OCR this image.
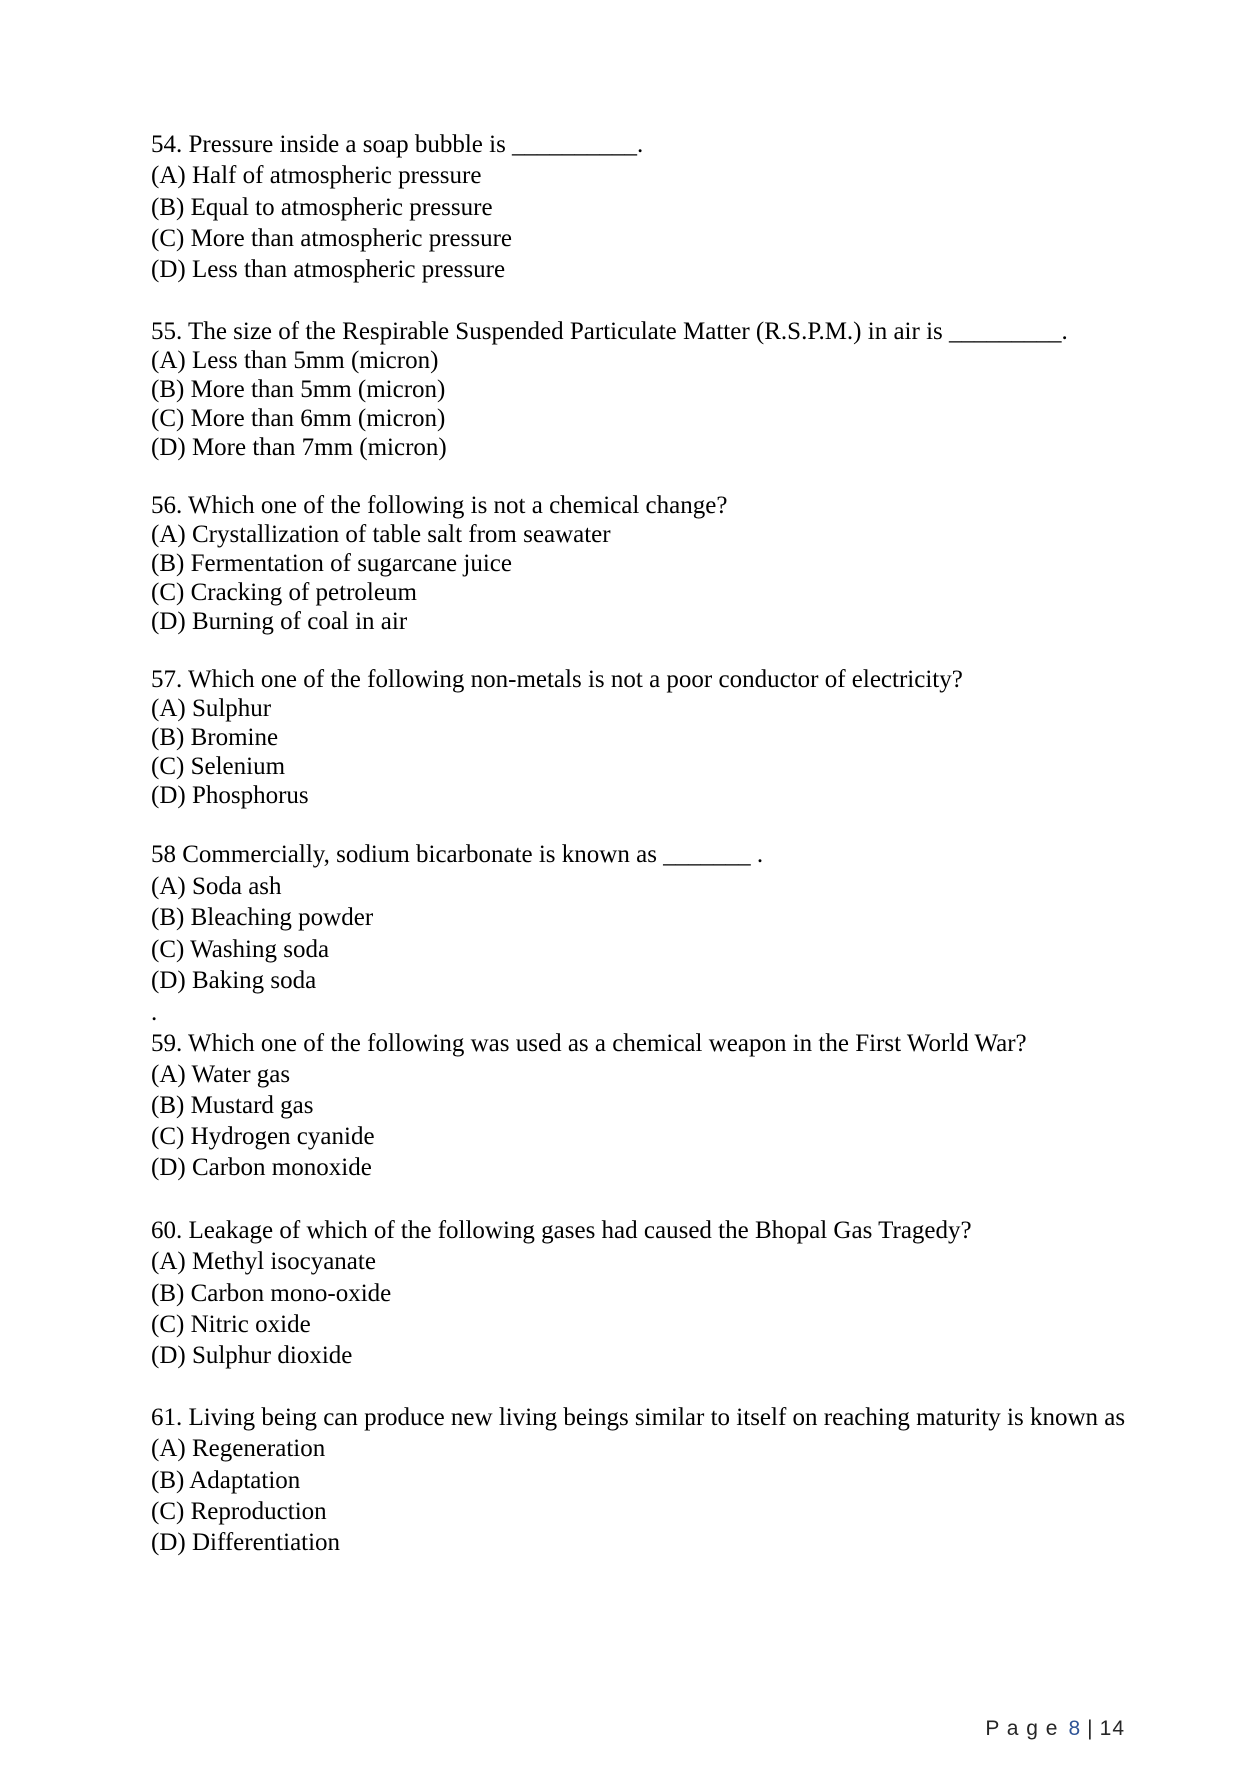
54. Pressure inside a soap bubble is __________.
(A) Half of atmospheric pressure
(B) Equal to atmospheric pressure
(C) More than atmospheric pressure
(D) Less than atmospheric pressure
55. The size of the Respirable Suspended Particulate Matter (R.S.P.M.) in air is _________.
(A) Less than 5mm (micron)
(B) More than 5mm (micron)
(C) More than 6mm (micron)
(D) More than 7mm (micron)
56. Which one of the following is not a chemical change?
(A) Crystallization of table salt from seawater
(B) Fermentation of sugarcane juice
(C) Cracking of petroleum
(D) Burning of coal in air
57. Which one of the following non-metals is not a poor conductor of electricity?
(A) Sulphur
(B) Bromine
(C) Selenium
(D) Phosphorus
58 Commercially, sodium bicarbonate is known as _______ .
(A) Soda ash
(B) Bleaching powder
(C) Washing soda
(D) Baking soda
.
59. Which one of the following was used as a chemical weapon in the First World War?
(A) Water gas
(B) Mustard gas
(C) Hydrogen cyanide
(D) Carbon monoxide
60. Leakage of which of the following gases had caused the Bhopal Gas Tragedy?
(A) Methyl isocyanate
(B) Carbon mono-oxide
(C) Nitric oxide
(D) Sulphur dioxide
61. Living being can produce new living beings similar to itself on reaching maturity is known as
(A) Regeneration
(B) Adaptation
(C) Reproduction
(D) Differentiation

P a g e 8 | 14
